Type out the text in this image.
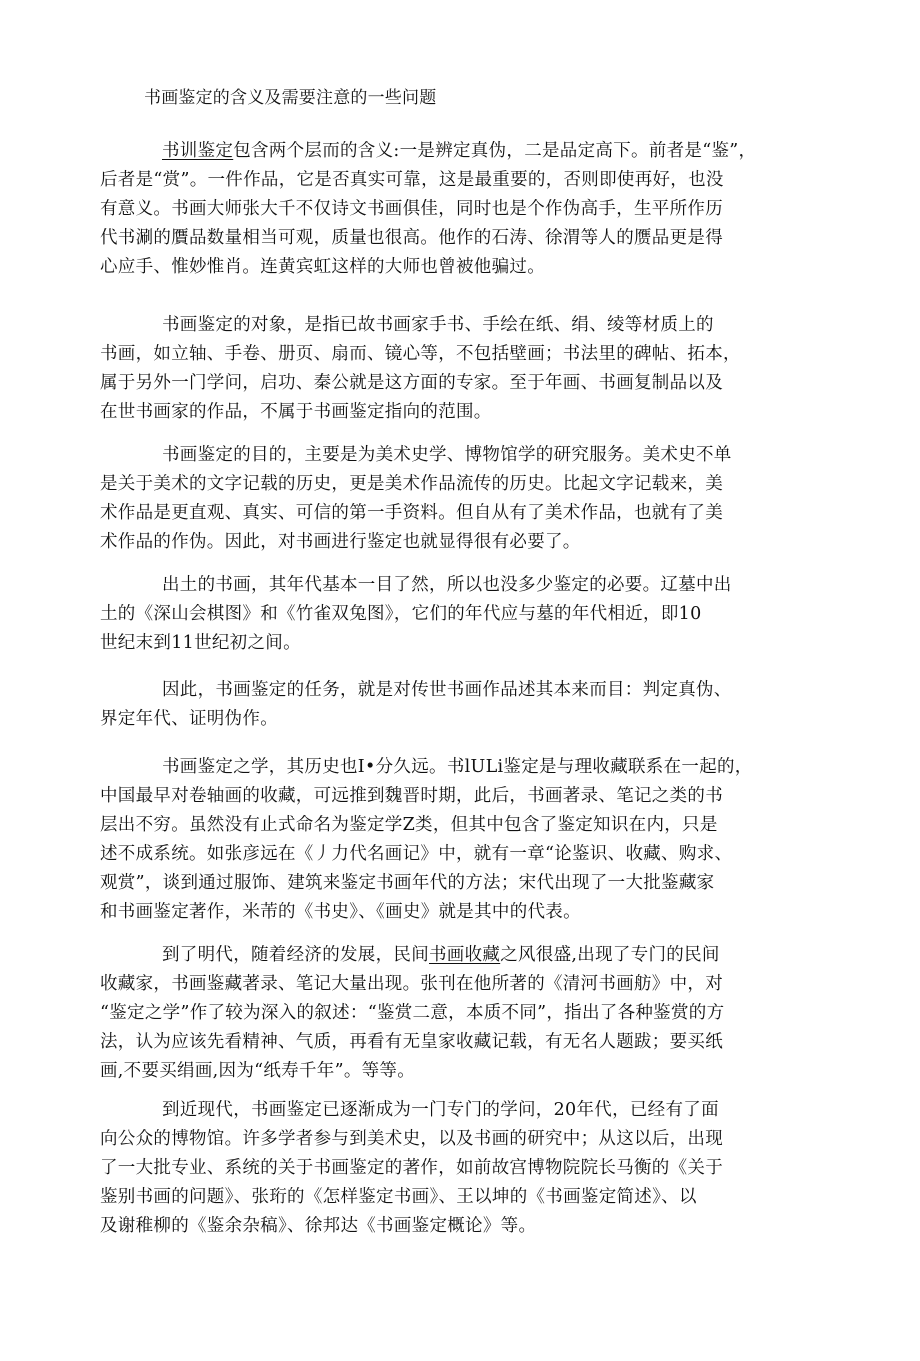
书画鉴定的含义及需要注意的一些问题
书训鉴定包含两个层而的含义:一是辨定真伪，二是品定高下。前者是“鉴”，
后者是“赏”。一件作品，它是否真实可靠，这是最重要的，否则即使再好，也没
有意义。书画大师张大千不仅诗文书画俱佳，同时也是个作伪高手，生平所作历
代书涮的贋品数量相当可观，质量也很高。他作的石涛、徐渭等人的赝品更是得
心应手、惟妙惟肖。连黄宾虹这样的大师也曾被他骗过。
书画鉴定的对象，是指已故书画家手书、手绘在纸、绢、绫等材质上的
书画，如立轴、手卷、册页、扇而、镜心等，不包括壁画；书法里的碑帖、拓本，
属于另外一门学问，启功、秦公就是这方面的专家。至于年画、书画复制品以及
在世书画家的作品，不属于书画鉴定指向的范围。
书画鉴定的目的，主要是为美术史学、博物馆学的研究服务。美术史不单
是关于美术的文字记载的历史，更是美术作品流传的历史。比起文字记载来，美
术作品是更直观、真实、可信的第一手资料。但自从有了美术作品，也就有了美
术作品的作伪。因此，对书画进行鉴定也就显得很有必要了。
出土的书画，其年代基本一目了然，所以也没多少鉴定的必要。辽墓中出
土的《深山会棋图》和《竹雀双兔图》，它们的年代应与墓的年代相近，即10
世纪末到11世纪初之间。
因此，书画鉴定的任务，就是对传世书画作品述其本来而目：判定真伪、
界定年代、证明伪作。
书画鉴定之学，其历史也I•分久远。书lULi鉴定是与理收藏联系在一起的，
中国最早对卷轴画的收藏，可远推到魏晋时期，此后，书画著录、笔记之类的书
层出不穷。虽然没有止式命名为鉴定学Z类，但其中包含了鉴定知识在内，只是
述不成系统。如张彦远在《丿力代名画记》中，就有一章“论鉴识、收藏、购求、
观赏”，谈到通过服饰、建筑来鉴定书画年代的方法；宋代出现了一大批鉴藏家
和书画鉴定著作，米芾的《书史》、《画史》就是其中的代表。
到了明代，随着经济的发展，民间书画收藏之风很盛,出现了专门的民间
收藏家，书画鉴藏著录、笔记大量出现。张刊在他所著的《清河书画舫》中，对
“鉴定之学”作了较为深入的叙述：“鉴赏二意，本质不同”，指出了各种鉴赏的方
法，认为应该先看精神、气质，再看有无皇家收藏记载，有无名人题跋；要买纸
画,不要买绢画,因为“纸寿千年”。等等。
到近现代，书画鉴定已逐渐成为一门专门的学问，20年代，已经有了面
向公众的博物馆。许多学者参与到美术史，以及书画的研究中；从这以后，出现
了一大批专业、系统的关于书画鉴定的著作，如前故宫博物院院长马衡的《关于
鉴别书画的问题》、张珩的《怎样鉴定书画》、王以坤的《书画鉴定简述》、以
及谢稚柳的《鉴余杂稿》、徐邦达《书画鉴定概论》等。
